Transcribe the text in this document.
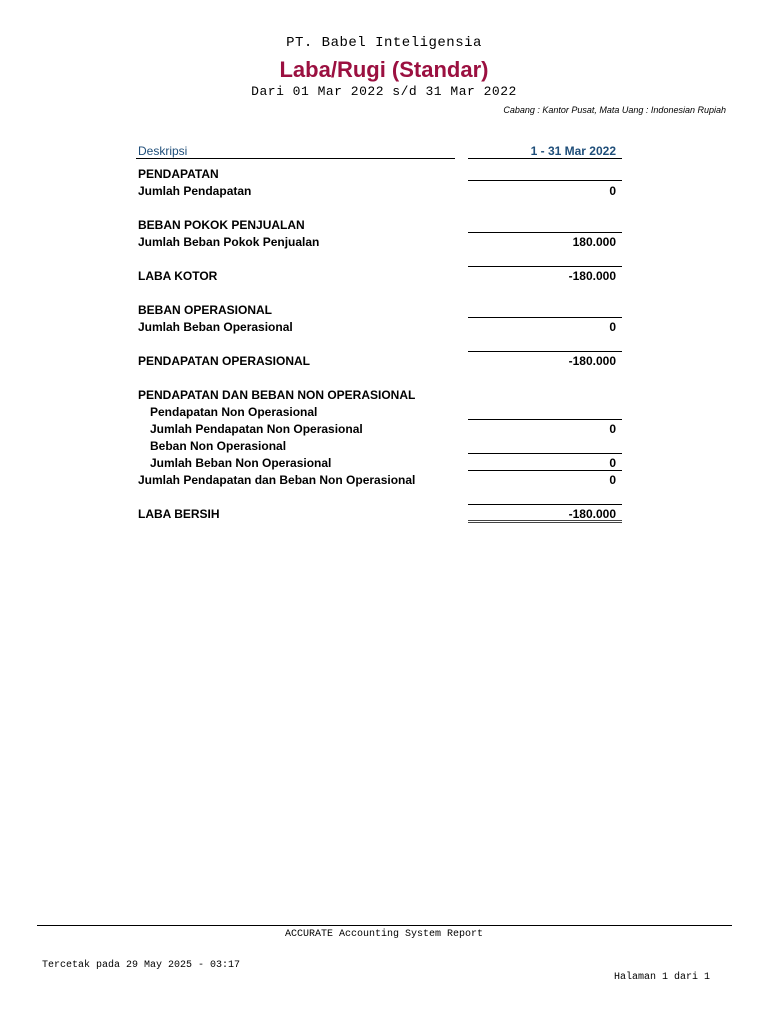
PT. Babel Inteligensia
Laba/Rugi (Standar)
Dari 01 Mar 2022 s/d 31 Mar 2022
Cabang : Kantor Pusat, Mata Uang : Indonesian Rupiah
Deskripsi	1 - 31 Mar 2022
PENDAPATAN
Jumlah Pendapatan	0
BEBAN POKOK PENJUALAN
Jumlah Beban Pokok Penjualan	180.000
LABA KOTOR	-180.000
BEBAN OPERASIONAL
Jumlah Beban Operasional	0
PENDAPATAN OPERASIONAL	-180.000
PENDAPATAN DAN BEBAN NON OPERASIONAL
Pendapatan Non Operasional
Jumlah Pendapatan Non Operasional	0
Beban Non Operasional
Jumlah Beban Non Operasional	0
Jumlah Pendapatan dan Beban Non Operasional	0
LABA BERSIH	-180.000
ACCURATE Accounting System Report
Tercetak pada 29 May 2025 - 03:17
Halaman 1 dari 1
